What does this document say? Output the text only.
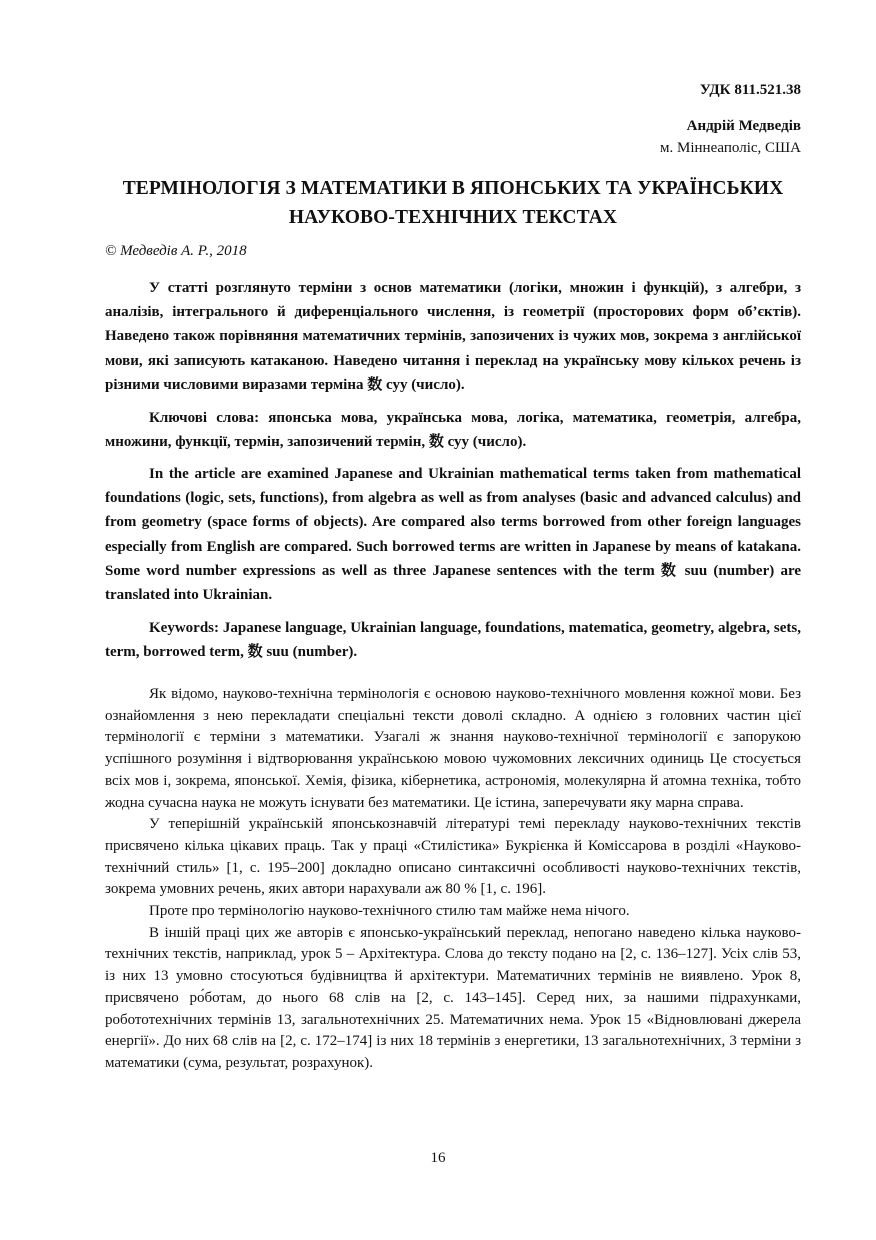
УДК 811.521.38
Андрій Медведів
м. Міннеаполіс, США
ТЕРМІНОЛОГІЯ З МАТЕМАТИКИ В ЯПОНСЬКИХ ТА УКРАЇНСЬКИХ НАУКОВО-ТЕХНІЧНИХ ТЕКСТАХ
© Медведів А. Р., 2018

У статті розглянуто терміни з основ математики (логіки, множин і функцій), з алгебри, з аналізів, інтегрального й диференціального числення, із геометрії (просторових форм об’єктів). Наведено також порівняння математичних термінів, запозичених із чужих мов, зокрема з англійської мови, які записують катаканою. Наведено читання і переклад на українську мову кількох речень із різними числовими виразами терміна 数 суу (число).

Ключові слова: японська мова, українська мова, логіка, математика, геометрія, алгебра, множини, функції, термін, запозичений термін, 数 суу (число).

In the article are examined Japanese and Ukrainian mathematical terms taken from mathematical foundations (logic, sets, functions), from algebra as well as from analyses (basic and advanced calculus) and from geometry (space forms of objects). Are compared also terms borrowed from other foreign languages especially from English are compared. Such borrowed terms are written in Japanese by means of katakana. Some word number expressions as well as three Japanese sentences with the term 数 suu (number) are translated into Ukrainian.

Keywords: Japanese language, Ukrainian language, foundations, matematica, geometry, algebra, sets, term, borrowed term, 数 suu (number).

Як відомо, науково-технічна термінологія є основою науково-технічного мовлення кожної мови. Без ознайомлення з нею перекладати спеціальні тексти доволі складно. А однією з головних частин цієї термінології є терміни з математики. Узагалі ж знання науково-технічної термінології є запорукою успішного розуміння і відтворювання українською мовою чужомовних лексичних одиниць Це стосується всіх мов і, зокрема, японської. Хемія, фізика, кібернетика, астрономія, молекулярна й атомна техніка, тобто жодна сучасна наука не можуть існувати без математики. Це істина, заперечувати яку марна справа.

У теперішній українській японськознавчій літературі темі перекладу науково-технічних текстів присвячено кілька цікавих праць. Так у праці «Стилістика» Букрієнка й Коміссарова в розділі «Науково-технічний стиль» [1, с. 195–200] докладно описано синтаксичні особливості науково-технічних текстів, зокрема умовних речень, яких автори нарахували аж 80 % [1, с. 196].

Проте про термінологію науково-технічного стилю там майже нема нічого.

В іншій праці цих же авторів є японсько-український переклад, непогано наведено кілька науково-технічних текстів, наприклад, урок 5 – Архітектура. Слова до тексту подано на [2, с. 136–127]. Усіх слів 53, із них 13 умовно стосуються будівництва й архітектури. Математичних термінів не виявлено. Урок 8, присвячено ро́ботам, до нього 68 слів на [2, с. 143–145]. Серед них, за нашими підрахунками, робототехнічних термінів 13, загальнотехнічних 25. Математичних нема. Урок 15 «Відновлювані джерела енергії». До них 68 слів на [2, с. 172–174] із них 18 термінів з енергетики, 13 загальнотехнічних, 3 терміни з математики (сума, результат, розрахунок).

16
